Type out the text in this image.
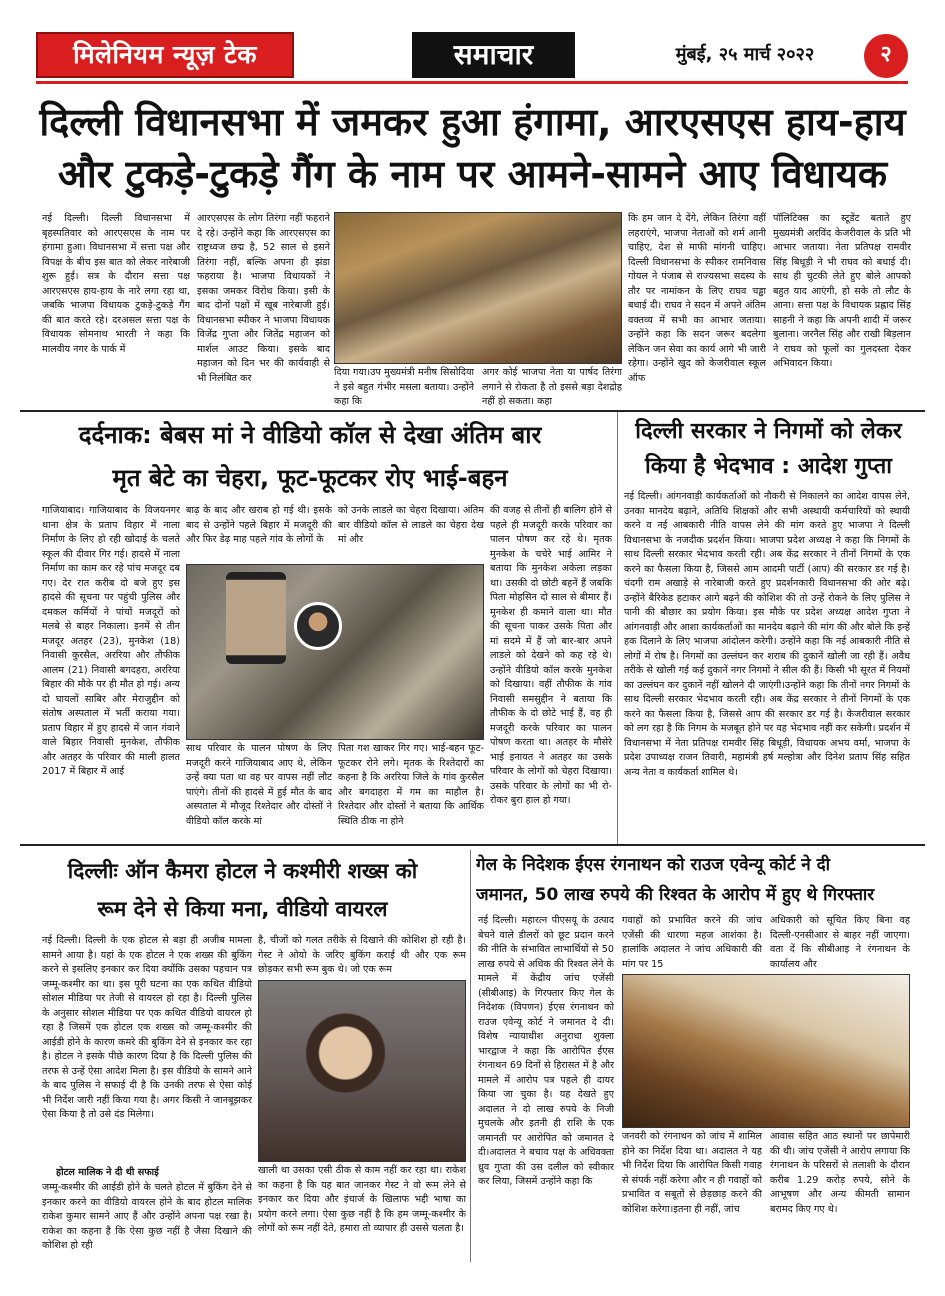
मिलेनियम न्यूज़ टेक	समाचार	मुंबई, २५ मार्च २०२२	२
दिल्ली विधानसभा में जमकर हुआ हंगामा, आरएसएस हाय-हाय
और टुकड़े-टुकड़े गैंग के नाम पर आमने-सामने आए विधायक
नई दिल्ली। दिल्ली विधानसभा में बृहस्पतिवार को आरएसएस के नाम पर हंगामा हुआ। विधानसभा में सत्ता पक्ष और विपक्ष के बीच इस बात को लेकर नारेबाजी शुरू हुई। सत्र के दौरान सत्ता पक्ष आरएसएस हाय-हाय के नारे लगा रहा था, जबकि भाजपा विधायक टुकड़े-टुकड़े गैंग की बात करते रहे। दरअसल सत्ता पक्ष के विधायक सोमनाथ भारती ने कहा कि मालवीय नगर के पार्क में
आरएसएस के लोग तिरंगा नहीं फहराने दे रहे। उन्होंने कहा कि आरएसएस का राष्ट्रध्वज छद्म है, 52 साल से इसने तिरंगा नहीं, बल्कि अपना ही झंडा फहराया है। भाजपा विधायकों ने इसका जमकर विरोध किया। इसी के बाद दोनों पक्षों में खूब नारेबाजी हुई। विधानसभा स्पीकर ने भाजपा विधायक विजेंद्र गुप्ता और जितेंद्र महाजन को मार्शल आउट किया। इसके बाद महाजन को दिन भर की कार्यवाही से भी निलंबित कर	दिया गया।उप मुख्यमंत्री मनीष सिसोदिया ने इसे बहुत गंभीर मसला बताया। उन्होंने कहा कि
अगर कोई भाजपा नेता या पार्षद तिरंगा लगाने से रोकता है तो इससे बड़ा देशद्रोह नहीं हो सकता। कहा
कि हम जान दे देंगे, लेकिन तिरंगा वहीं लहराएंगे, भाजपा नेताओं को शर्म आनी चाहिए, देश से माफी मांगनी चाहिए। दिल्ली विधानसभा के स्पीकर रामनिवास गोयल ने पंजाब से राज्यसभा सदस्य के तौर पर नामांकन के लिए राघव चड्ढा बधाई दी। राघव ने सदन में अपने अंतिम वक्तव्य में सभी का आभार जताया। उन्होंने कहा कि सदन जरूर बदलेगा लेकिन जन सेवा का कार्य आगे भी जारी रहेगा। उन्होंने खुद को केजरीवाल स्कूल ऑफ
पॉलिटिक्स का स्टूडेंट बताते हुए मुख्यमंत्री अरविंद केजरीवाल के प्रति भी आभार जताया। नेता प्रतिपक्ष रामवीर सिंह बिधूड़ी ने भी राघव को बधाई दी। साथ ही चुटकी लेते हुए बोले आपको बहुत याद आएंगी, हो सके तो लौट के आना। सत्ता पक्ष के विधायक प्रह्लाद सिंह साहनी ने कहा कि अपनी शादी में जरूर बुलाना। जरनैल सिंह और राखी बिड़लान ने राघव को फूलों का गुलदस्ता देकर अभिवादन किया।
दर्दनाक: बेबस मां ने वीडियो कॉल से देखा अंतिम बार
मृत बेटे का चेहरा, फूट-फूटकर रोए भाई-बहन
गाजियाबाद। गाजियाबाद के विजयनगर थाना क्षेत्र के प्रताप विहार में नाला निर्माण के लिए हो रही खोदाई के चलते स्कूल की दीवार गिर गई। हादसे में नाला निर्माण का काम कर रहे पांच मजदूर दब गए। देर रात करीब दो बजे हुए इस हादसे की सूचना पर पहुंची पुलिस और दमकल कर्मियों ने पांचों मजदूरों को मलबे से बाहर निकाला। इनमें से तीन मजदूर अतहर (23), मुनकेश (18) निवासी कुरसैल, अररिया और तौफीक आलम (21) निवासी बगदहरा, अररिया बिहार की मौके पर ही मौत हो गई। अन्य दो घायलों साबिर और मेराजुद्दीन को संतोष अस्पताल में भर्ती कराया गया। प्रताप विहार में हुए हादसे में जान गंवाने वाले बिहार निवासी मुनकेश, तौफीक और अतहर के परिवार की माली हालत 2017 में बिहार में आई
बाढ़ के बाद और खराब हो गई थी। इसके बाद से उन्होंने पहले बिहार में मजदूरी की और फिर डेढ़ माह पहले गांव के लोगों के
को उनके लाडले का चेहरा दिखाया। अंतिम बार वीडियो कॉल से लाडले का चेहरा देख मां और
साथ परिवार के पालन पोषण के लिए मजदूरी करने गाजियाबाद आए थे, लेकिन उन्हें क्या पता था वह घर वापस नहीं लौट पाएंगे। तीनों की हादसे में हुई मौत के बाद अस्पताल में मौजूद रिश्तेदार और दोस्तों ने वीडियो कॉल करके मां
पिता गश खाकर गिर गए। भाई-बहन फूट-फूटकर रोने लगे। मृतक के रिश्तेदारों का कहना है कि अररिया जिले के गांव कुरसैल और बगदाहरा में गम का माहौल है। रिश्तेदार और दोस्तों ने बताया कि आर्थिक स्थिति ठीक ना होने
की वजह से तीनों ही बालिग होने से पहले ही मजदूरी करके परिवार का पालन पोषण कर रहे थे। मृतक मुनकेश के चचेरे भाई आमिर ने बताया कि मुनकेश अकेला लड़का था। उसकी दो छोटी बहनें हैं जबकि पिता मोहसिन दो साल से बीमार हैं। मुनकेश ही कमाने वाला था। मौत की सूचना पाकर उसके पिता और मां सदमे में हैं जो बार-बार अपने लाडले को देखने को कह रहे थे। उन्होंने वीडियो कॉल करके मुनकेश को दिखाया। वहीं तौफीक के गांव निवासी समसुद्दीन ने बताया कि तौफीक के दो छोटे भाई हैं, वह ही मजदूरी करके परिवार का पालन पोषण करता था। अतहर के मौसेरे भाई इनायत ने अतहर का उसके परिवार के लोगों को चेहरा दिखाया। उसके परिवार के लोगों का भी रो-रोकर बुरा हाल हो गया।
दिल्ली सरकार ने निगमों को लेकर किया है भेदभाव : आदेश गुप्ता
नई दिल्ली। आंगनवाड़ी कार्यकर्ताओं को नौकरी से निकालने का आदेश वापस लेने, उनका मानदेय बढ़ाने, अतिथि शिक्षकों और सभी अस्थायी कर्मचारियों को स्थायी करने व नई आबकारी नीति वापस लेने की मांग करते हुए भाजपा ने दिल्ली विधानसभा के नजदीक प्रदर्शन किया। भाजपा प्रदेश अध्यक्ष ने कहा कि निगमों के साथ दिल्ली सरकार भेदभाव करती रही। अब केंद्र सरकार ने तीनों निगमों के एक करने का फैसला किया है, जिससे आम आदमी पार्टी (आप) की सरकार डर गई है।चंदगी राम अखाड़े से नारेबाजी करते हुए प्रदर्शनकारी विधानसभा की ओर बढ़े। उन्होंने बैरिकेड हटाकर आगे बढ़ने की कोशिश की तो उन्हें रोकने के लिए पुलिस ने पानी की बौछार का प्रयोग किया। इस मौके पर प्रदेश अध्यक्ष आदेश गुप्ता ने आंगनवाड़ी और आशा कार्यकर्ताओं का मानदेय बढ़ाने की मांग की और बोले कि इन्हें हक दिलाने के लिए भाजपा आंदोलन करेगी। उन्होंने कहा कि नई आबकारी नीति से लोगों में रोष है। निगमों का उल्लंघन कर शराब की दुकानें खोली जा रही हैं। अवैध तरीके से खोली गई कई दुकानें नगर निगमों ने सील की हैं। किसी भी सूरत में नियमों का उल्लंघन कर दुकानें नहीं खोलने दी जाएंगी।उन्होंने कहा कि तीनों नगर निगमों के साथ दिल्ली सरकार भेदभाव करती रही। अब केंद्र सरकार ने तीनों निगमों के एक करने का फैसला किया है, जिससे आप की सरकार डर गई है। केजरीवाल सरकार को लग रहा है कि निगम के मजबूत होने पर वह भेदभाव नहीं कर सकेगी। प्रदर्शन में विधानसभा में नेता प्रतिपक्ष रामवीर सिंह बिधूड़ी, विधायक अभय वर्मा, भाजपा के प्रदेश उपाध्यक्ष राजन तिवारी, महामंत्री हर्ष मल्होत्रा और दिनेश प्रताप सिंह सहित अन्य नेता व कार्यकर्ता शामिल थे।
दिल्लीः ऑन कैमरा होटल ने कश्मीरी शख्स को
रूम देने से किया मना, वीडियो वायरल
नई दिल्ली। दिल्ली के एक होटल से बड़ा ही अजीब मामला सामने आया है। यहां के एक होटल ने एक शख्स की बुकिंग करने से इसलिए इनकार कर दिया क्योंकि उसका पहचान पत्र जम्मू-कश्मीर का था। इस पूरी घटना का एक कथित वीडियो सोशल मीडिया पर तेजी से वायरल हो रहा है। दिल्ली पुलिस के अनुसार सोशल मीडिया पर एक कथित वीडियो वायरल हो रहा है जिसमें एक होटल एक शख्स को जम्मू-कश्मीर की आईडी होने के कारण कमरे की बुकिंग देने से इनकार कर रहा है। होटल ने इसके पीछे कारण दिया है कि दिल्ली पुलिस की तरफ से उन्हें ऐसा आदेश मिला है। इस वीडियो के सामने आने के बाद पुलिस ने सफाई दी है कि उनकी तरफ से ऐसा कोई भी निर्देश जारी नहीं किया गया है। अगर किसी ने जानबूझकर ऐसा किया है तो उसे दंड मिलेगा।
होटल मालिक ने दी थी सफाई
जम्मू-कश्मीर की आईडी होने के चलते होटल में बुकिंग देने से इनकार करने का वीडियो वायरल होने के बाद होटल मालिक राकेश कुमार सामने आए हैं और उन्होंने अपना पक्ष रखा है। राकेश का कहना है कि ऐसा कुछ नहीं है जैसा दिखाने की कोशिश हो रही
है, चीजों को गलत तरीके से दिखाने की कोशिश हो रही है। गेस्ट ने ओयो के जरिए बुकिंग कराई थी और एक रूम छोड़कर सभी रूम बुक थे। जो एक रूम
खाली था उसका एसी ठीक से काम नहीं कर रहा था। राकेश का कहना है कि यह बात जानकर गेस्ट ने वो रूम लेने से इनकार कर दिया और इंचार्ज के खिलाफ भद्दी भाषा का प्रयोग करने लगा। ऐसा कुछ नहीं है कि हम जम्मू-कश्मीर के लोगों को रूम नहीं देते, हमारा तो व्यापार ही उससे चलता है।
गेल के निदेशक ईएस रंगनाथन को राउज एवेन्यू कोर्ट ने दी
जमानत, 50 लाख रुपये की रिश्वत के आरोप में हुए थे गिरफ्तार
नई दिल्ली। महारत्न पीएसयू के उत्पाद बेचने वाले डीलरों को छूट प्रदान करने की नीति के संभावित लाभार्थियों से 50 लाख रुपये से अधिक की रिश्वत लेने के मामले में केंद्रीय जांच एजेंसी (सीबीआइ) के गिरफ्तार किए गेल के निदेशक (विपणन) ईएस रंगनाथन को राउज एवेन्यू कोर्ट ने जमानत दे दी। विशेष न्यायाधीश अनुराधा शुक्ला भारद्वाज ने कहा कि आरोपित ईएस रंगनाथन 69 दिनों से हिरासत में है और मामले में आरोप पत्र पहले ही दायर किया जा चुका है। यह देखते हुए अदालत ने दो लाख रुपये के निजी मुचलके और इतनी ही राशि के एक जमानती पर आरोपित को जमानत दे दी।अदालत ने बचाव पक्ष के अधिवक्ता ध्रुव गुप्ता की उस दलील को स्वीकार कर लिया, जिसमें उन्होंने कहा कि
गवाहों को प्रभावित करने की जांच एजेंसी की धारणा महज आशंका है। हालांकि अदालत ने जांच अधिकारी की मांग पर 15
अधिकारी को सूचित किए बिना वह दिल्ली-एनसीआर से बाहर नहीं जाएगा।वता दें कि सीबीआइ ने रंगनाथन के कार्यालय और
जनवरी को रंगनाथन को जांच में शामिल होने का निर्देश दिया था। अदालत ने यह भी निर्देश दिया कि आरोपित किसी गवाह से संपर्क नहीं करेगा और न ही गवाहों को प्रभावित व सबूतों से छेड़छाड़ करने की कोशिश करेगा।इतना ही नहीं, जांच
आवास सहित आठ स्थानों पर छापेमारी की थी। जांच एजेंसी ने आरोप लगाया कि रंगनाथन के परिसरों से तलाशी के दौरान करीब 1.29 करोड़ रुपये, सोने के आभूषण और अन्य कीमती सामान बरामद किए गए थे।
